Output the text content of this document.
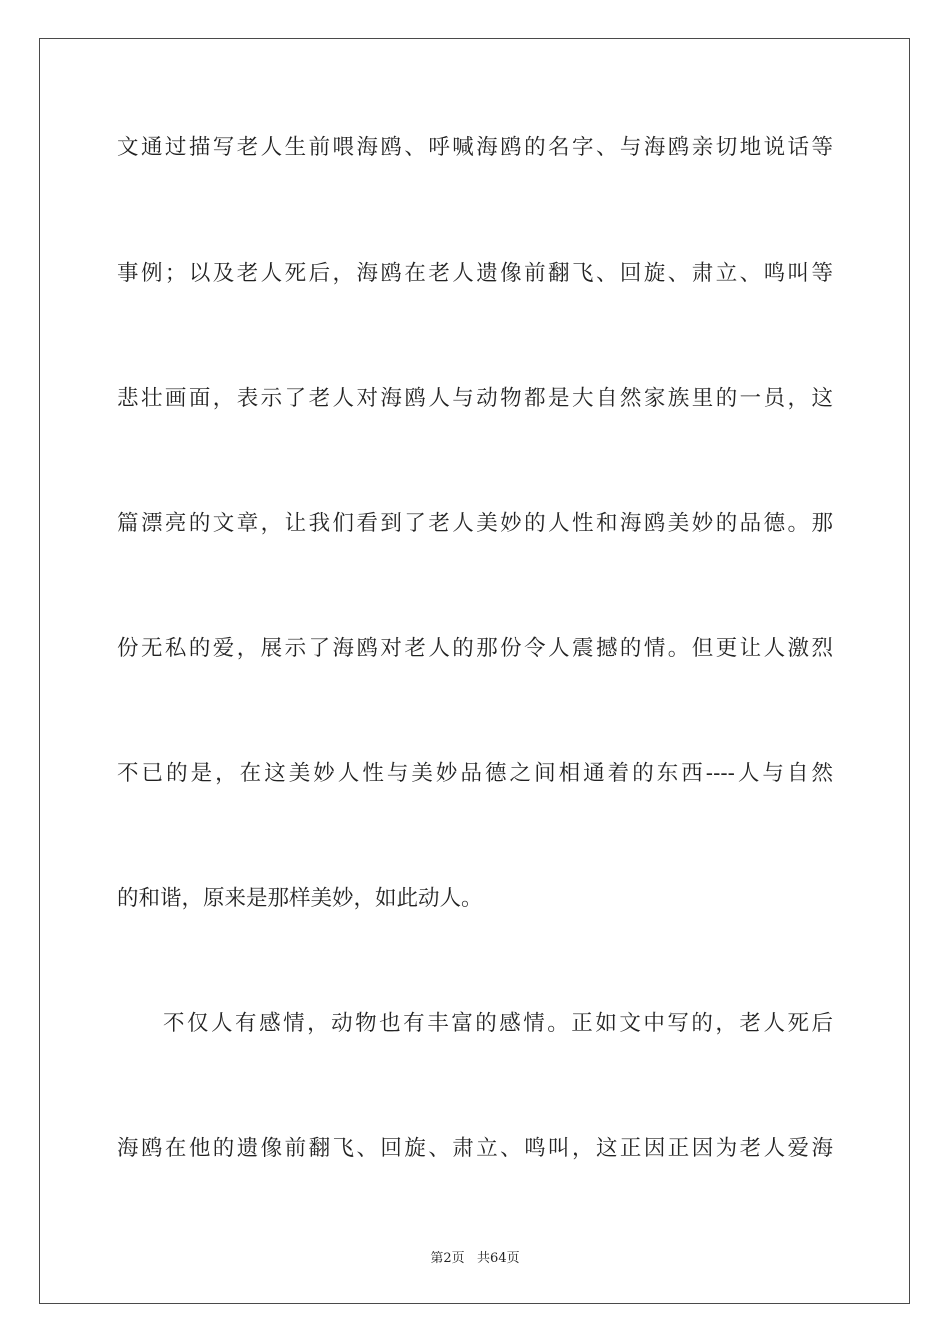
文通过描写老人生前喂海鸥、呼喊海鸥的名字、与海鸥亲切地说话等
事例；以及老人死后，海鸥在老人遗像前翻飞、回旋、肃立、鸣叫等
悲壮画面，表示了老人对海鸥人与动物都是大自然家族里的一员，这
篇漂亮的文章，让我们看到了老人美妙的人性和海鸥美妙的品德。那
份无私的爱，展示了海鸥对老人的那份令人震撼的情。但更让人激烈
不已的是，在这美妙人性与美妙品德之间相通着的东西----人与自然
的和谐，原来是那样美妙，如此动人。
不仅人有感情，动物也有丰富的感情。正如文中写的，老人死后
海鸥在他的遗像前翻飞、回旋、肃立、鸣叫，这正因正因为老人爱海
第2页   共64页
